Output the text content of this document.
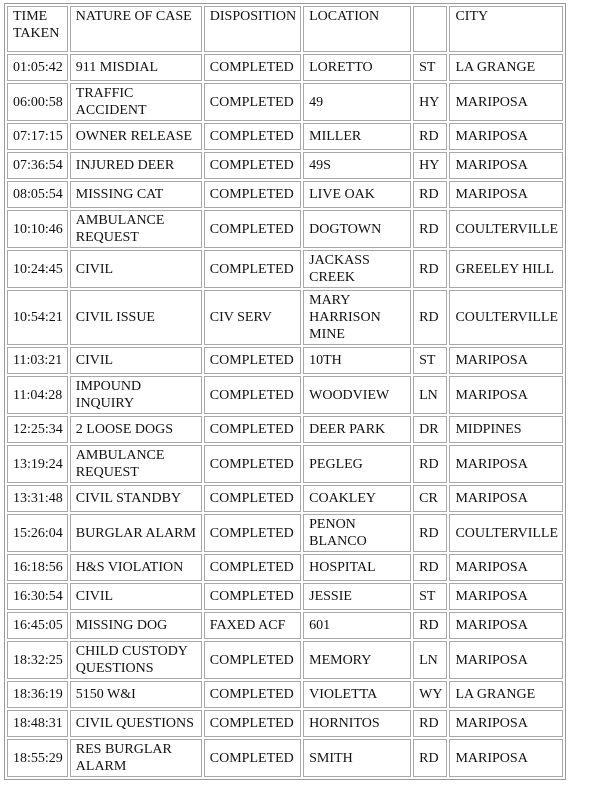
TIME
TAKEN	NATURE OF CASE	DISPOSITION	LOCATION		CITY
01:05:42	911 MISDIAL	COMPLETED	LORETTO	ST	LA GRANGE
06:00:58	TRAFFIC
ACCIDENT	COMPLETED	49	HY	MARIPOSA
07:17:15	OWNER RELEASE	COMPLETED	MILLER	RD	MARIPOSA
07:36:54	INJURED DEER	COMPLETED	49S	HY	MARIPOSA
08:05:54	MISSING CAT	COMPLETED	LIVE OAK	RD	MARIPOSA
10:10:46	AMBULANCE
REQUEST	COMPLETED	DOGTOWN	RD	COULTERVILLE
10:24:45	CIVIL	COMPLETED	JACKASS
CREEK	RD	GREELEY HILL
10:54:21	CIVIL ISSUE	CIV SERV	MARY
HARRISON
MINE	RD	COULTERVILLE
11:03:21	CIVIL	COMPLETED	10TH	ST	MARIPOSA
11:04:28	IMPOUND
INQUIRY	COMPLETED	WOODVIEW	LN	MARIPOSA
12:25:34	2 LOOSE DOGS	COMPLETED	DEER PARK	DR	MIDPINES
13:19:24	AMBULANCE
REQUEST	COMPLETED	PEGLEG	RD	MARIPOSA
13:31:48	CIVIL STANDBY	COMPLETED	COAKLEY	CR	MARIPOSA
15:26:04	BURGLAR ALARM	COMPLETED	PENON BLANCO	RD	COULTERVILLE
16:18:56	H&S VIOLATION	COMPLETED	HOSPITAL	RD	MARIPOSA
16:30:54	CIVIL	COMPLETED	JESSIE	ST	MARIPOSA
16:45:05	MISSING DOG	FAXED ACF	601	RD	MARIPOSA
18:32:25	CHILD CUSTODY
QUESTIONS	COMPLETED	MEMORY	LN	MARIPOSA
18:36:19	5150 W&I	COMPLETED	VIOLETTA	WY	LA GRANGE
18:48:31	CIVIL QUESTIONS	COMPLETED	HORNITOS	RD	MARIPOSA
18:55:29	RES BURGLAR
ALARM	COMPLETED	SMITH	RD	MARIPOSA
